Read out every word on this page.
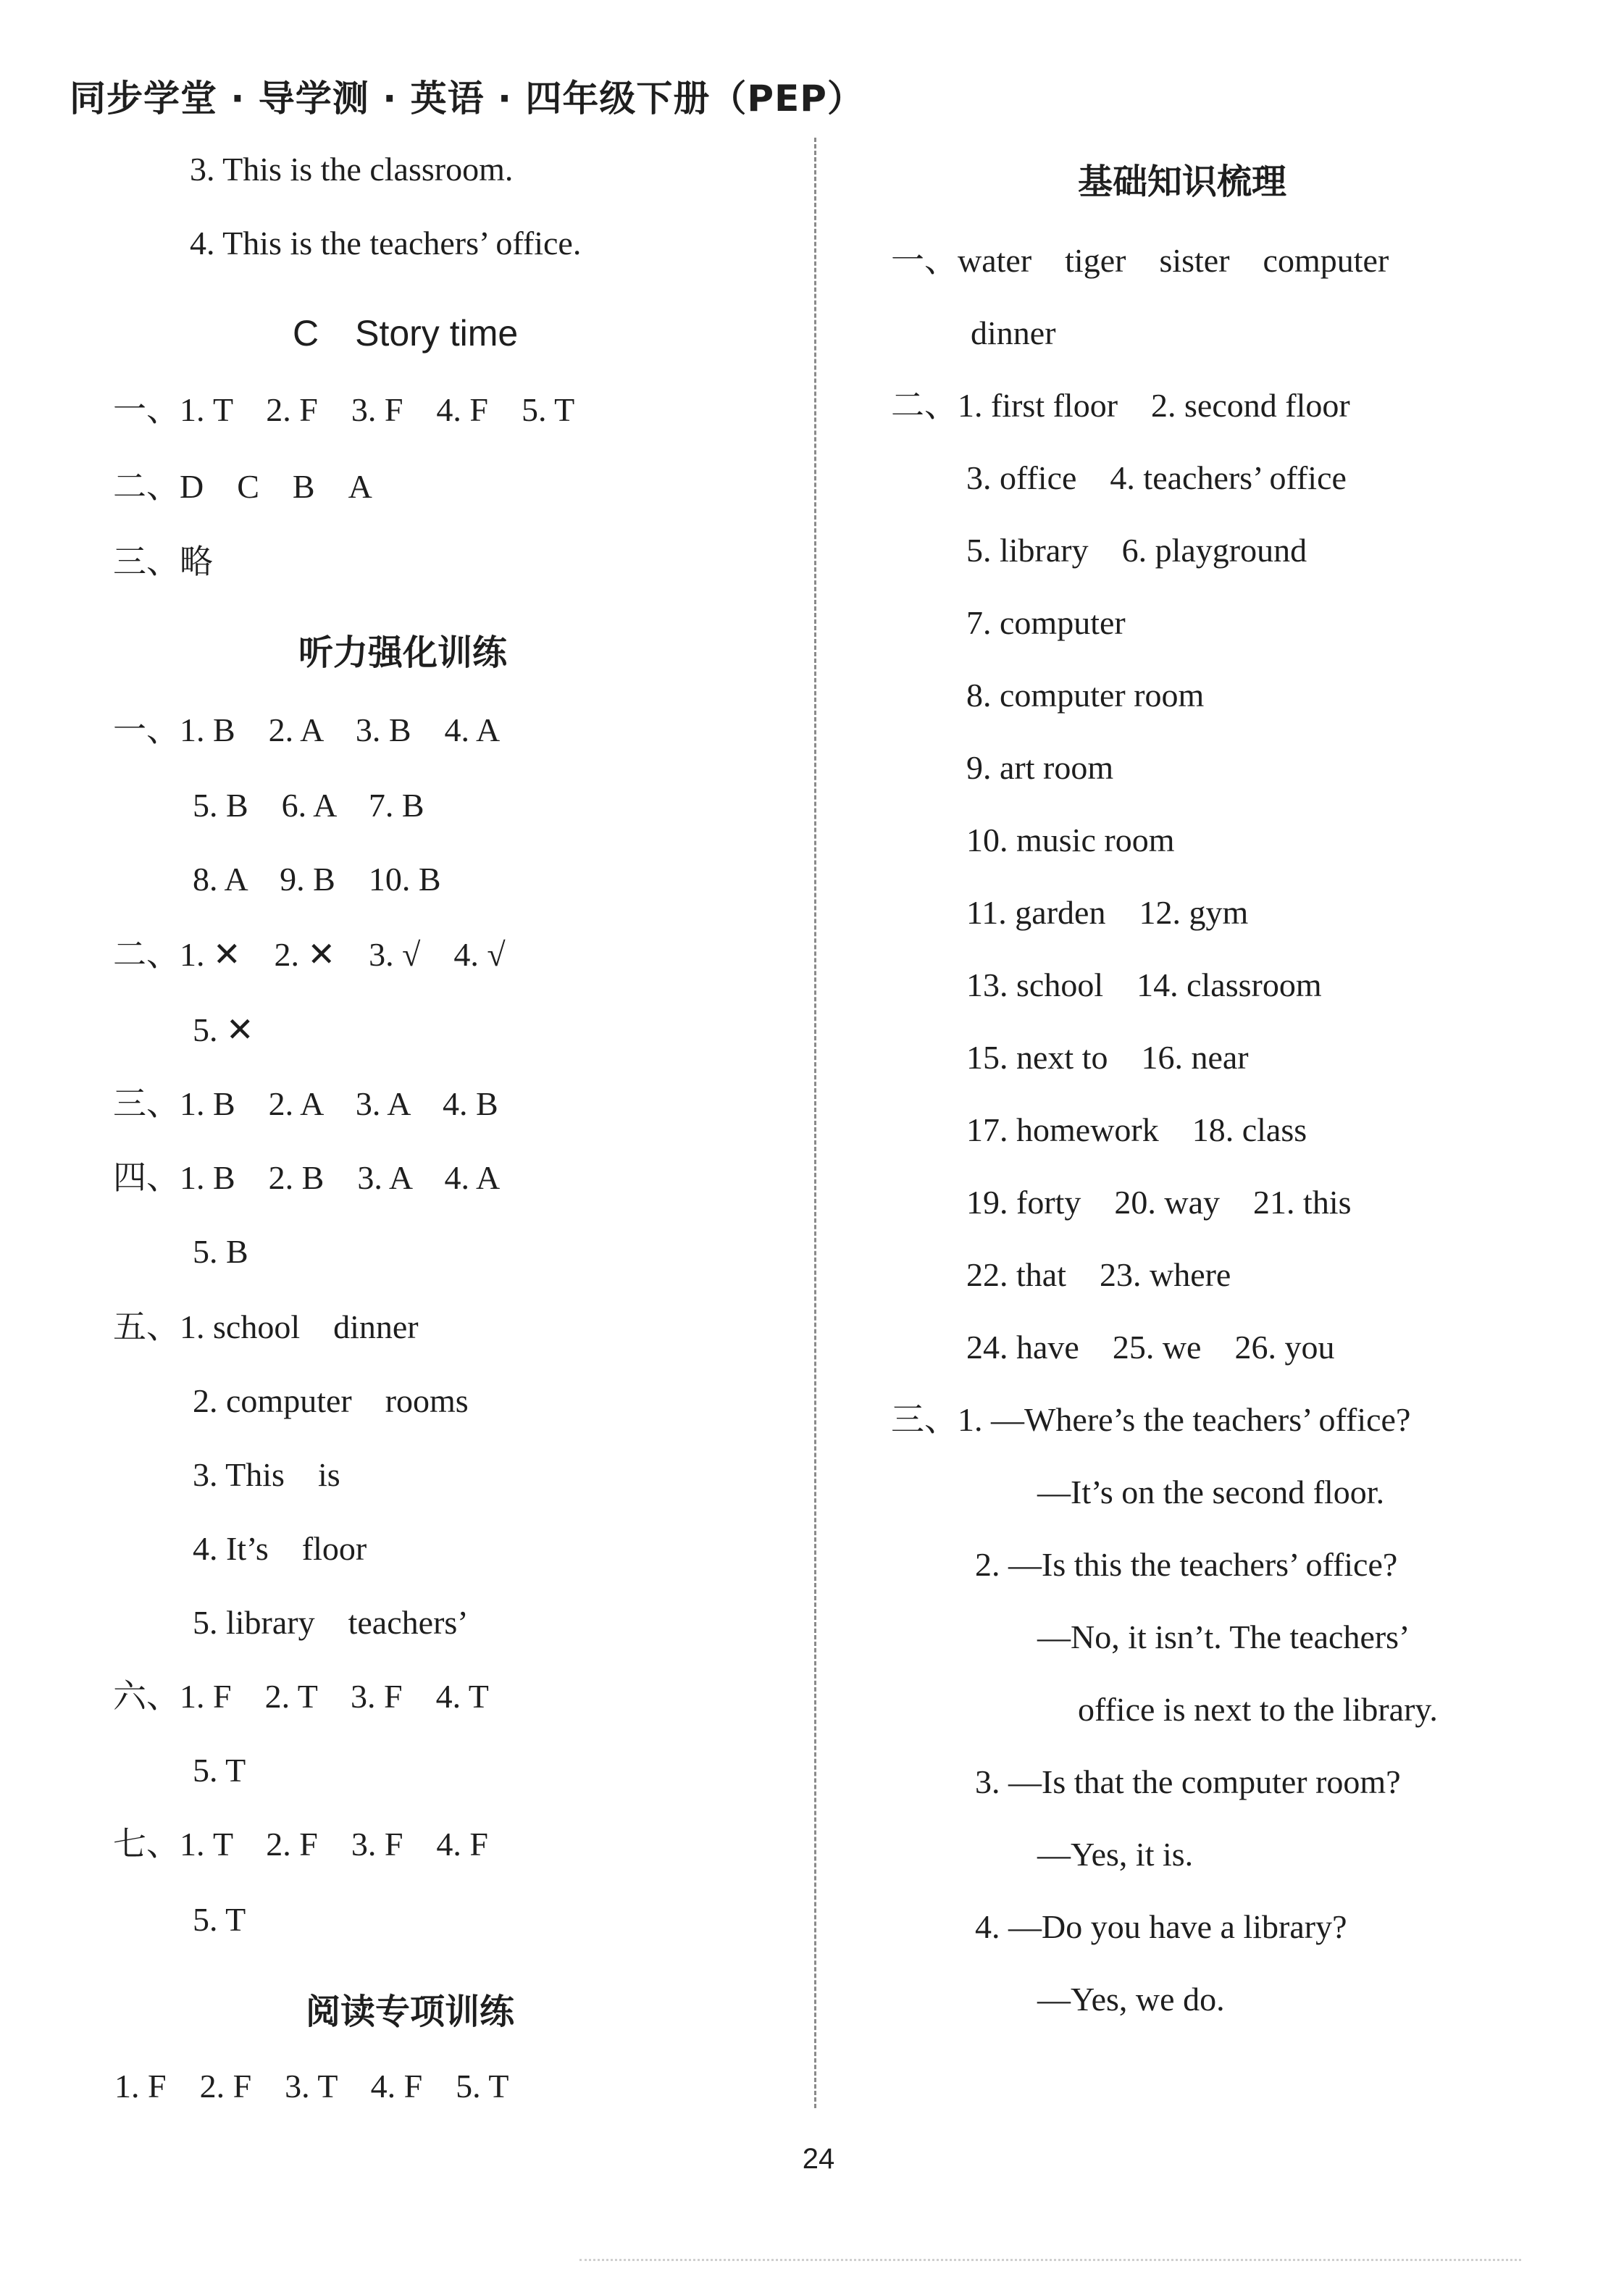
同步学堂 · 导学测 · 英语 · 四年级下册（PEP）
3. This is the classroom.
4. This is the teachers’ office.
C　Story time
一、1. T　2. F　3. F　4. F　5. T
二、D　C　B　A
三、略
听力强化训练
一、1. B　2. A　3. B　4. A
5. B　6. A　7. B
8. A　9. B　10. B
二、1. ✕　2. ✕　3. √　4. √
5. ✕
三、1. B　2. A　3. A　4. B
四、1. B　2. B　3. A　4. A
5. B
五、1. school　dinner
2. computer　rooms
3. This　is
4. It’s　floor
5. library　teachers’
六、1. F　2. T　3. F　4. T
5. T
七、1. T　2. F　3. F　4. F
5. T
阅读专项训练
1. F　2. F　3. T　4. F　5. T
基础知识梳理
一、water　tiger　sister　computer
dinner
二、1. first floor　2. second floor
3. office　4. teachers’ office
5. library　6. playground
7. computer
8. computer room
9. art room
10. music room
11. garden　12. gym
13. school　14. classroom
15. next to　16. near
17. homework　18. class
19. forty　20. way　21. this
22. that　23. where
24. have　25. we　26. you
三、1. —Where’s the teachers’ office?
—It’s on the second floor.
2. —Is this the teachers’ office?
—No, it isn’t. The teachers’
office is next to the library.
3. —Is that the computer room?
—Yes, it is.
4. —Do you have a library?
—Yes, we do.
24
